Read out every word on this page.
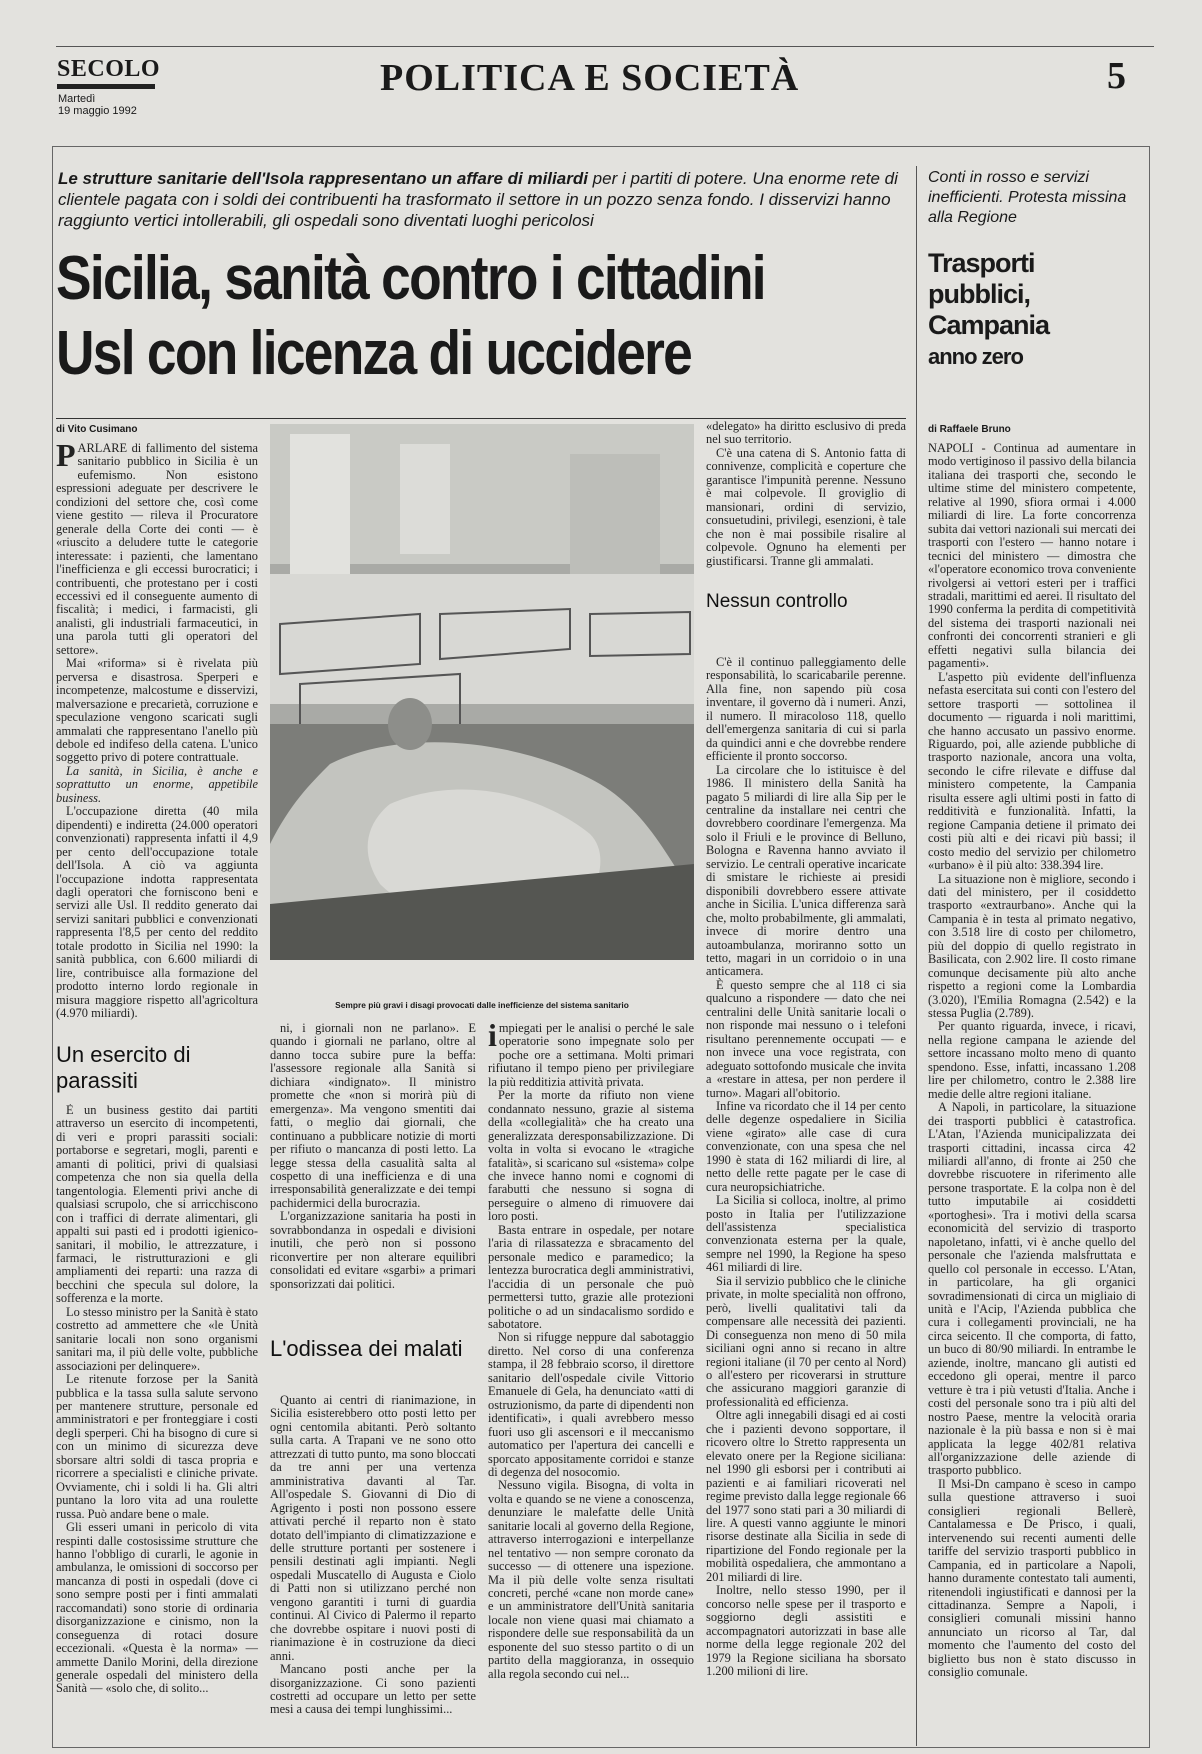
SECOLO
Martedì
19 maggio 1992
POLITICA E SOCIETÀ	5
Le strutture sanitarie dell'Isola rappresentano un affare di miliardi per i partiti di potere. Una enorme rete di clientele pagata con i soldi dei contribuenti ha trasformato il settore in un pozzo senza fondo. I disservizi hanno raggiunto vertici intollerabili, gli ospedali sono diventati luoghi pericolosi
Sicilia, sanità contro i cittadini
Usl con licenza di uccidere
Conti in rosso e servizi inefficienti. Protesta missina alla Regione
Trasporti
pubblici,
Campania
anno zero
di Vito Cusimano	di Raffaele Bruno

PARLARE di fallimento del sistema sanitario pubblico in Sicilia è un eufemismo. Non esistono espressioni adeguate per descrivere le condizioni del settore che, così come viene gestito — rileva il Procuratore generale della Corte dei conti — è «riuscito a deludere tutte le categorie interessate: i pazienti, che lamentano l'inefficienza e gli eccessi burocratici; i contribuenti, che protestano per i costi eccessivi ed il conseguente aumento di fiscalità; i medici, i farmacisti, gli analisti, gli industriali farmaceutici, in una parola tutti gli operatori del settore».

Mai «riforma» si è rivelata più perversa e disastrosa. Sperperi e incompetenze, malcostume e disservizi, malversazione e precarietà, corruzione e speculazione vengono scaricati sugli ammalati che rappresentano l'anello più debole ed indifeso della catena. L'unico soggetto privo di potere contrattuale.

La sanità, in Sicilia, è anche e soprattutto un enorme, appetibile business.

L'occupazione diretta (40 mila dipendenti) e indiretta (24.000 operatori convenzionati) rappresenta infatti il 4,9 per cento dell'occupazione totale dell'Isola. A ciò va aggiunta l'occupazione indotta rappresentata dagli operatori che forniscono beni e servizi alle Usl. Il reddito generato dai servizi sanitari pubblici e convenzionati rappresenta l'8,5 per cento del reddito totale prodotto in Sicilia nel 1990: la sanità pubblica, con 6.600 miliardi di lire, contribuisce alla formazione del prodotto interno lordo regionale in misura maggiore rispetto all'agricoltura (4.970 miliardi).

Un esercito di parassiti

È un business gestito dai partiti attraverso un esercito di incompetenti, di veri e propri parassiti sociali: portaborse e segretari, mogli, parenti e amanti di politici, privi di qualsiasi competenza che non sia quella della tangentologia. Elementi privi anche di qualsiasi scrupolo, che si arricchiscono con i traffici di derrate alimentari, gli appalti sui pasti ed i prodotti igienico-sanitari, il mobilio, le attrezzature, i farmaci, le ristrutturazioni e gli ampliamenti dei reparti: una razza di becchini che specula sul dolore, la sofferenza e la morte.

Lo stesso ministro per la Sanità è stato costretto ad ammettere che «le Unità sanitarie locali non sono organismi sanitari ma, il più delle volte, pubbliche associazioni per delinquere».

Le ritenute forzose per la Sanità pubblica e la tassa sulla salute servono per mantenere strutture, personale ed amministratori e per fronteggiare i costi degli sperperi. Chi ha bisogno di cure si con un minimo di sicurezza deve sborsare altri soldi di tasca propria e ricorrere a specialisti e cliniche private. Ovviamente, chi i soldi li ha. Gli altri puntano la loro vita ad una roulette russa. Può andare bene o male.

Gli esseri umani in pericolo di vita respinti dalle costosissime strutture che hanno l'obbligo di curarli, le agonie in ambulanza, le omissioni di soccorso per mancanza di posti in ospedali (dove ci sono sempre posti per i finti ammalati raccomandati) sono storie di ordinaria disorganizzazione e cinismo, non la conseguenza di rotaci dosure eccezionali. «Questa è la norma» — ammette Danilo Morini, della direzione generale ospedali del ministero della Sanità — «solo che, di solito...

Sempre più gravi i disagi provocati dalle inefficienze del sistema sanitario

ni, i giornali non ne parlano». E quando i giornali ne parlano, oltre al danno tocca subire pure la beffa: l'assessore regionale alla Sanità si dichiara «indignato». Il ministro promette che «non si morirà più di emergenza». Ma vengono smentiti dai fatti, o meglio dai giornali, che continuano a pubblicare notizie di morti per rifiuto o mancanza di posti letto. La legge stessa della casualità salta al cospetto di una inefficienza e di una irresponsabilità generalizzate e dei tempi pachidermici della burocrazia.

L'organizzazione sanitaria ha posti in sovrabbondanza in ospedali e divisioni inutili, che però non si possono riconvertire per non alterare equilibri consolidati ed evitare «sgarbi» a primari sponsorizzati dai politici.

L'odissea dei malati

Quanto ai centri di rianimazione, in Sicilia esisterebbero otto posti letto per ogni centomila abitanti. Però soltanto sulla carta. A Trapani ve ne sono otto attrezzati di tutto punto, ma sono bloccati da tre anni per una vertenza amministrativa davanti al Tar. All'ospedale S. Giovanni di Dio di Agrigento i posti non possono essere attivati perché il reparto non è stato dotato dell'impianto di climatizzazione e delle strutture portanti per sostenere i pensili destinati agli impianti. Negli ospedali Muscatello di Augusta e Ciolo di Patti non si utilizzano perché non vengono garantiti i turni di guardia continui. Al Civico di Palermo il reparto che dovrebbe ospitare i nuovi posti di rianimazione è in costruzione da dieci anni.

Mancano posti anche per la disorganizzazione. Ci sono pazienti costretti ad occupare un letto per sette mesi a causa dei tempi lunghissimi...

impiegati per le analisi o perché le sale operatorie sono impegnate solo per poche ore a settimana. Molti primari rifiutano il tempo pieno per privilegiare la più redditizia attività privata.

Per la morte da rifiuto non viene condannato nessuno, grazie al sistema della «collegialità» che ha creato una generalizzata deresponsabilizzazione. Di volta in volta si evocano le «tragiche fatalità», si scaricano sul «sistema» colpe che invece hanno nomi e cognomi di farabutti che nessuno si sogna di perseguire o almeno di rimuovere dai loro posti.

Basta entrare in ospedale, per notare l'aria di rilassatezza e sbracamento del personale medico e paramedico; la lentezza burocratica degli amministrativi, l'accidia di un personale che può permettersi tutto, grazie alle protezioni politiche o ad un sindacalismo sordido e sabotatore.

Non si rifugge neppure dal sabotaggio diretto. Nel corso di una conferenza stampa, il 28 febbraio scorso, il direttore sanitario dell'ospedale civile Vittorio Emanuele di Gela, ha denunciato «atti di ostruzionismo, da parte di dipendenti non identificati», i quali avrebbero messo fuori uso gli ascensori e il meccanismo automatico per l'apertura dei cancelli e sporcato appositamente corridoi e stanze di degenza del nosocomio.

Nessuno vigila. Bisogna, di volta in volta e quando se ne viene a conoscenza, denunziare le malefatte delle Unità sanitarie locali al governo della Regione, attraverso interrogazioni e interpellanze nel tentativo — non sempre coronato da successo — di ottenere una ispezione. Ma il più delle volte senza risultati concreti, perché «cane non morde cane» e un amministratore dell'Unità sanitaria locale non viene quasi mai chiamato a rispondere delle sue responsabilità da un esponente del suo stesso partito o di un partito della maggioranza, in ossequio alla regola secondo cui nel...

«delegato» ha diritto esclusivo di preda nel suo territorio.

C'è una catena di S. Antonio fatta di connivenze, complicità e coperture che garantisce l'impunità perenne. Nessuno è mai colpevole. Il groviglio di mansionari, ordini di servizio, consuetudini, privilegi, esenzioni, è tale che non è mai possibile risalire al colpevole. Ognuno ha elementi per giustificarsi. Tranne gli ammalati.

Nessun controllo

C'è il continuo palleggiamento delle responsabilità, lo scaricabarile perenne. Alla fine, non sapendo più cosa inventare, il governo dà i numeri. Anzi, il numero. Il miracoloso 118, quello dell'emergenza sanitaria di cui si parla da quindici anni e che dovrebbe rendere efficiente il pronto soccorso.

La circolare che lo istituisce è del 1986. Il ministero della Sanità ha pagato 5 miliardi di lire alla Sip per le centraline da installare nei centri che dovrebbero coordinare l'emergenza. Ma solo il Friuli e le province di Belluno, Bologna e Ravenna hanno avviato il servizio. Le centrali operative incaricate di smistare le richieste ai presidi disponibili dovrebbero essere attivate anche in Sicilia. L'unica differenza sarà che, molto probabilmente, gli ammalati, invece di morire dentro una autoambulanza, moriranno sotto un tetto, magari in un corridoio o in una anticamera.

È questo sempre che al 118 ci sia qualcuno a rispondere — dato che nei centralini delle Unità sanitarie locali o non risponde mai nessuno o i telefoni risultano perennemente occupati — e non invece una voce registrata, con adeguato sottofondo musicale che invita a «restare in attesa, per non perdere il turno». Magari all'obitorio.

Infine va ricordato che il 14 per cento delle degenze ospedaliere in Sicilia viene «girato» alle case di cura convenzionate, con una spesa che nel 1990 è stata di 162 miliardi di lire, al netto delle rette pagate per le case di cura neuropsichiatriche.

La Sicilia si colloca, inoltre, al primo posto in Italia per l'utilizzazione dell'assistenza specialistica convenzionata esterna per la quale, sempre nel 1990, la Regione ha speso 461 miliardi di lire.

Sia il servizio pubblico che le cliniche private, in molte specialità non offrono, però, livelli qualitativi tali da compensare alle necessità dei pazienti. Di conseguenza non meno di 50 mila siciliani ogni anno si recano in altre regioni italiane (il 70 per cento al Nord) o all'estero per ricoverarsi in strutture che assicurano maggiori garanzie di professionalità ed efficienza.

Oltre agli innegabili disagi ed ai costi che i pazienti devono sopportare, il ricovero oltre lo Stretto rappresenta un elevato onere per la Regione siciliana: nel 1990 gli esborsi per i contributi ai pazienti e ai familiari ricoverati nel regime previsto dalla legge regionale 66 del 1977 sono stati pari a 30 miliardi di lire. A questi vanno aggiunte le minori risorse destinate alla Sicilia in sede di ripartizione del Fondo regionale per la mobilità ospedaliera, che ammontano a 201 miliardi di lire.

Inoltre, nello stesso 1990, per il concorso nelle spese per il trasporto e soggiorno degli assistiti e accompagnatori autorizzati in base alle norme della legge regionale 202 del 1979 la Regione siciliana ha sborsato 1.200 milioni di lire.

NAPOLI - Continua ad aumentare in modo vertiginoso il passivo della bilancia italiana dei trasporti che, secondo le ultime stime del ministero competente, relative al 1990, sfiora ormai i 4.000 miliardi di lire. La forte concorrenza subita dai vettori nazionali sui mercati dei trasporti con l'estero — hanno notare i tecnici del ministero — dimostra che «l'operatore economico trova conveniente rivolgersi ai vettori esteri per i traffici stradali, marittimi ed aerei. Il risultato del 1990 conferma la perdita di competitività del sistema dei trasporti nazionali nei confronti dei concorrenti stranieri e gli effetti negativi sulla bilancia dei pagamenti».

L'aspetto più evidente dell'influenza nefasta esercitata sui conti con l'estero del settore trasporti — sottolinea il documento — riguarda i noli marittimi, che hanno accusato un passivo enorme. Riguardo, poi, alle aziende pubbliche di trasporto nazionale, ancora una volta, secondo le cifre rilevate e diffuse dal ministero competente, la Campania risulta essere agli ultimi posti in fatto di redditività e funzionalità. Infatti, la regione Campania detiene il primato dei costi più alti e dei ricavi più bassi; il costo medio del servizio per chilometro «urbano» è il più alto: 338.394 lire.

La situazione non è migliore, secondo i dati del ministero, per il cosiddetto trasporto «extraurbano». Anche qui la Campania è in testa al primato negativo, con 3.518 lire di costo per chilometro, più del doppio di quello registrato in Basilicata, con 2.902 lire. Il costo rimane comunque decisamente più alto anche rispetto a regioni come la Lombardia (3.020), l'Emilia Romagna (2.542) e la stessa Puglia (2.789).

Per quanto riguarda, invece, i ricavi, nella regione campana le aziende del settore incassano molto meno di quanto spendono. Esse, infatti, incassano 1.208 lire per chilometro, contro le 2.388 lire medie delle altre regioni italiane.

A Napoli, in particolare, la situazione dei trasporti pubblici è catastrofica. L'Atan, l'Azienda municipalizzata dei trasporti cittadini, incassa circa 42 miliardi all'anno, di fronte ai 250 che dovrebbe riscuotere in riferimento alle persone trasportate. E la colpa non è del tutto imputabile ai cosiddetti «portoghesi». Tra i motivi della scarsa economicità del servizio di trasporto napoletano, infatti, vi è anche quello del personale che l'azienda malsfruttata e quello col personale in eccesso. L'Atan, in particolare, ha gli organici sovradimensionati di circa un migliaio di unità e l'Acip, l'Azienda pubblica che cura i collegamenti provinciali, ne ha circa seicento. Il che comporta, di fatto, un buco di 80/90 miliardi. In entrambe le aziende, inoltre, mancano gli autisti ed eccedono gli operai, mentre il parco vetture è tra i più vetusti d'Italia. Anche i costi del personale sono tra i più alti del nostro Paese, mentre la velocità oraria nazionale è la più bassa e non si è mai applicata la legge 402/81 relativa all'organizzazione delle aziende di trasporto pubblico.

Il Msi-Dn campano è sceso in campo sulla questione attraverso i suoi consiglieri regionali Bellerè, Cantalamessa e De Prisco, i quali, intervenendo sui recenti aumenti delle tariffe del servizio trasporti pubblico in Campania, ed in particolare a Napoli, hanno duramente contestato tali aumenti, ritenendoli ingiustificati e dannosi per la cittadinanza. Sempre a Napoli, i consiglieri comunali missini hanno annunciato un ricorso al Tar, dal momento che l'aumento del costo del biglietto bus non è stato discusso in consiglio comunale.
